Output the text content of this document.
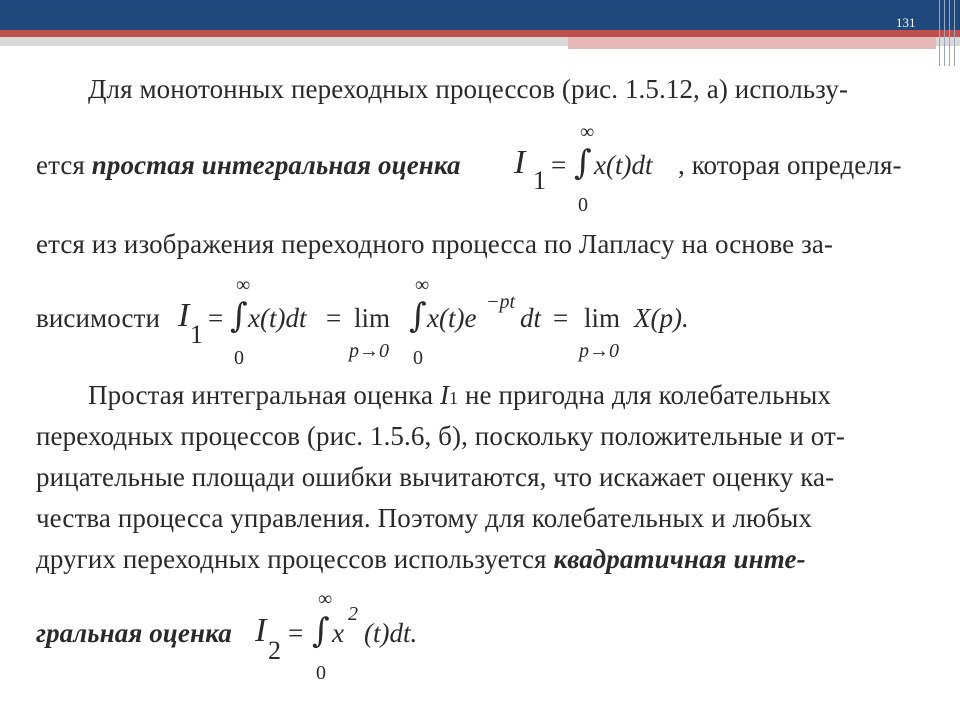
131
Для монотонных переходных процессов (рис. 1.5.12, а) использу-
ется простая интегральная оценка I 1
=
∞
∫
0
x(t)dt , которая определя-
ется из изображения переходного процесса по Лапласу на основе за-
висимости I
1
=
∞
∫
0
x(t)dt = lim
p→0
∞
∫
0
x(t)e
−pt
dt = lim
p→0
X(p).
Простая интегральная оценка I1 не пригодна для колебательных
переходных процессов (рис. 1.5.6, б), поскольку положительные и от-
рицательные площади ошибки вычитаются, что искажает оценку ка-
чества процесса управления. Поэтому для колебательных и любых
других переходных процессов используется квадратичная инте-
гральная оценка I
2
=
∞
∫
0
x
2
(t)dt.
